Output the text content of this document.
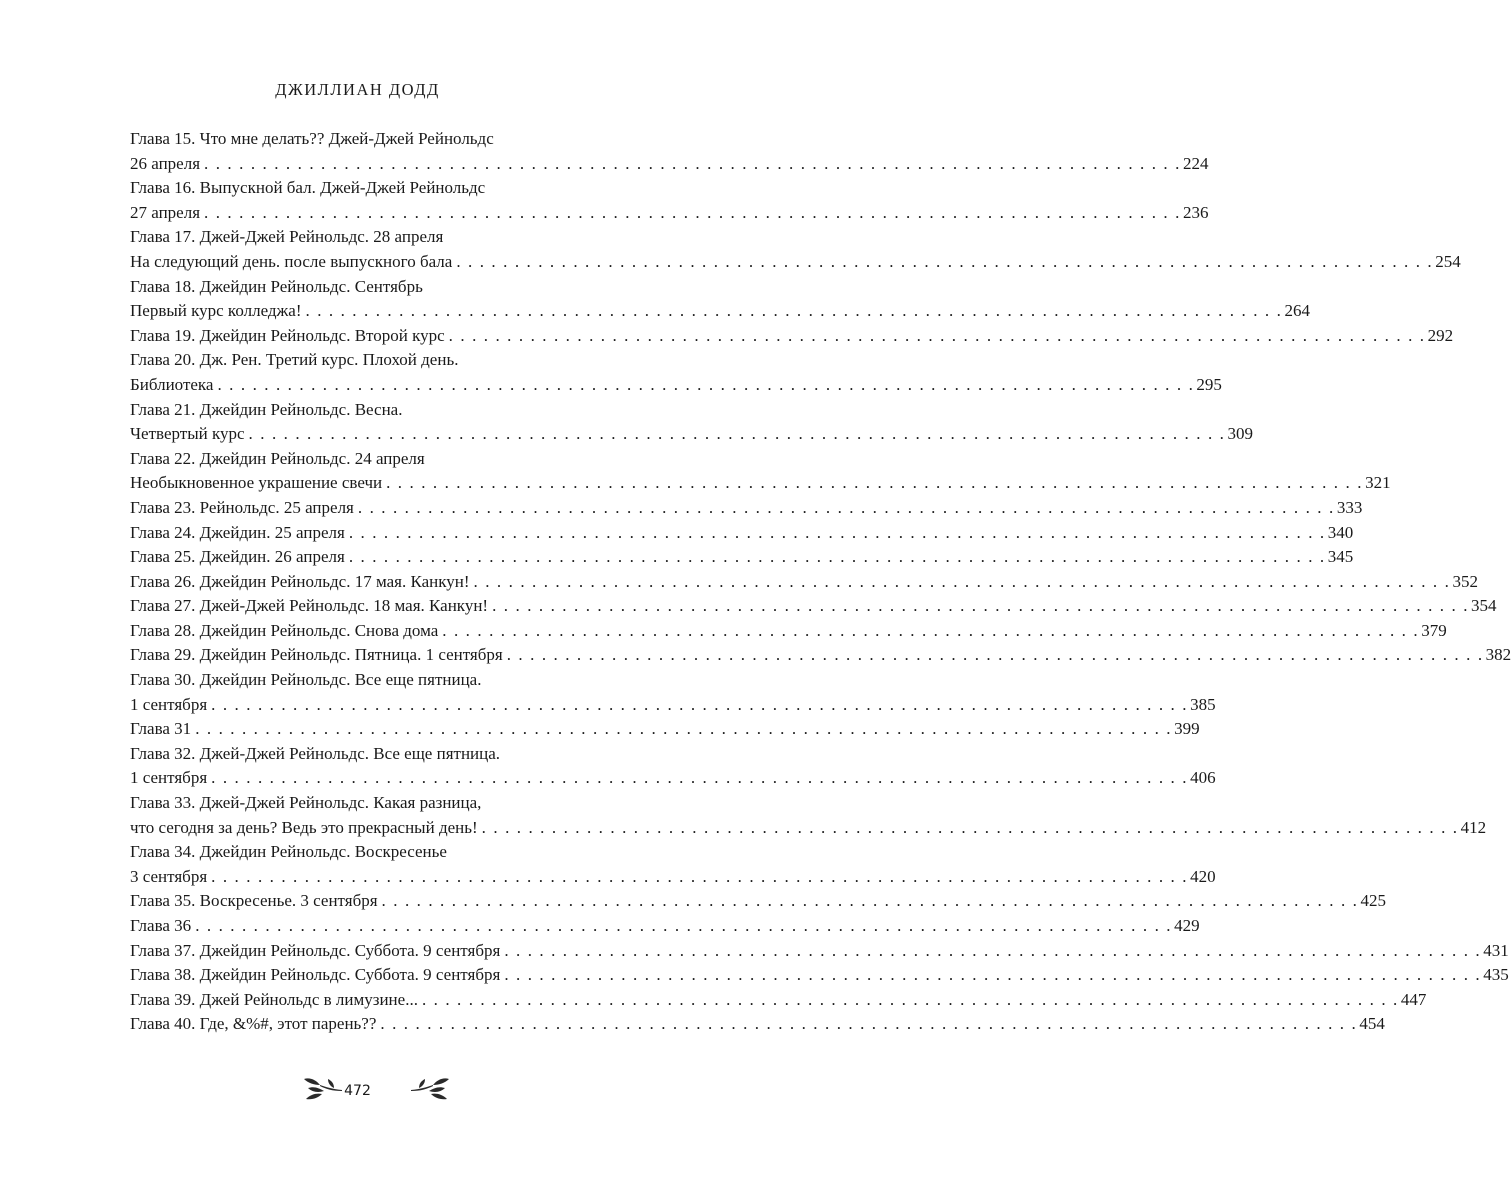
ДЖИЛЛИАН ДОДД
Глава 15. Что мне делать?? Джей-Джей Рейнольдс
26 апреля . . .	224
Глава 16. Выпускной бал. Джей-Джей Рейнольдс
27 апреля . . .	236
Глава 17. Джей-Джей Рейнольдс. 28 апреля
На следующий день. после выпускного бала . . .	254
Глава 18. Джейдин Рейнольдс. Сентябрь
Первый курс колледжа! . . .	264
Глава 19. Джейдин Рейнольдс. Второй курс . . .	292
Глава 20. Дж. Рен. Третий курс. Плохой день.
Библиотека . . .	295
Глава 21. Джейдин Рейнольдс. Весна.
Четвертый курс . . .	309
Глава 22. Джейдин Рейнольдс. 24 апреля
Необыкновенное украшение свечи . . .	321
Глава 23. Рейнольдс. 25 апреля . . .	333
Глава 24. Джейдин. 25 апреля . . .	340
Глава 25. Джейдин. 26 апреля . . .	345
Глава 26. Джейдин Рейнольдс. 17 мая. Канкун! . . .	352
Глава 27. Джей-Джей Рейнольдс. 18 мая. Канкун! . . .	354
Глава 28. Джейдин Рейнольдс. Снова дома . . .	379
Глава 29. Джейдин Рейнольдс. Пятница. 1 сентября . . .	382
Глава 30. Джейдин Рейнольдс. Все еще пятница.
1 сентября . . .	385
Глава 31 . . .	399
Глава 32. Джей-Джей Рейнольдс. Все еще пятница.
1 сентября . . .	406
Глава 33. Джей-Джей Рейнольдс. Какая разница,
что сегодня за день? Ведь это прекрасный день! . . .	412
Глава 34. Джейдин Рейнольдс. Воскресенье
3 сентября . . .	420
Глава 35. Воскресенье. 3 сентября . . .	425
Глава 36 . . .	429
Глава 37. Джейдин Рейнольдс. Суббота. 9 сентября . . .	431
Глава 38. Джейдин Рейнольдс. Суббота. 9 сентября . . .	435
Глава 39. Джей Рейнольдс в лимузине... . . .	447
Глава 40. Где, &%#, этот парень?? . . .	454
472
